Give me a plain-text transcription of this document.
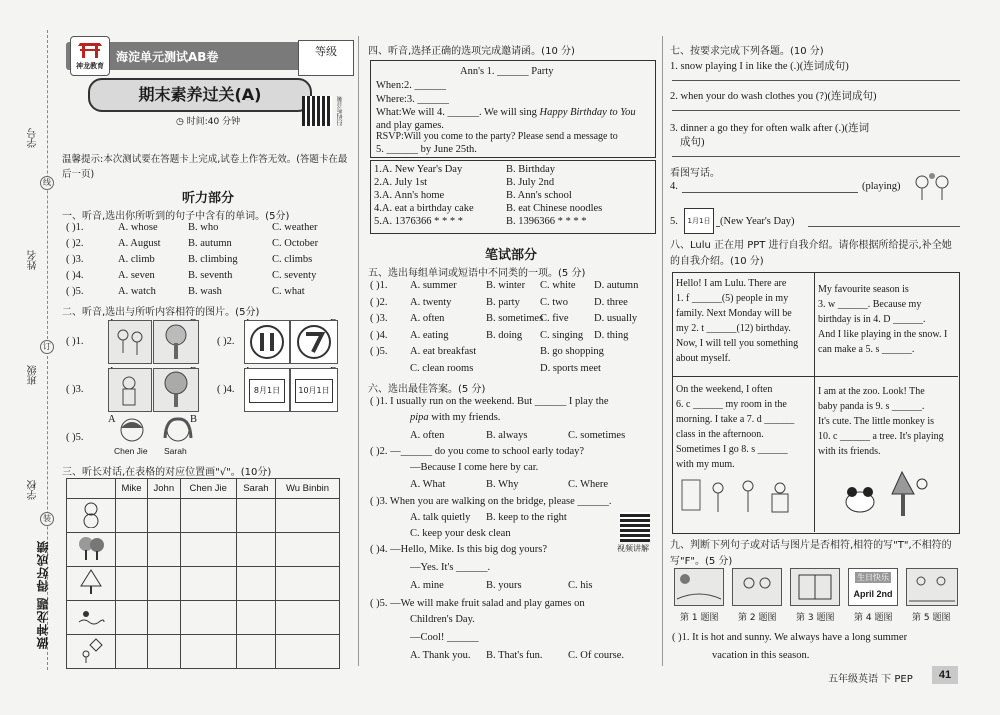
学号
姓名
班级
学校
线
订
装
做神龙题 得好成绩
神龙教育
海淀单元测试AB卷	等级
期末素养过关(A)
◷ 时间:40 分钟	扫码听音频
温馨提示:本次测试要在答题卡上完成,试卷上作答无效。(答题卡在最后一页)
听力部分
一、听音,选出你所听到的句子中含有的单词。(5分)
( )1.	A. whose	B. who	C. weather
( )2.	A. August	B. autumn	C. October
( )3.	A. climb	B. climbing	C. climbs
( )4.	A. seven	B. seventh	C. seventy
( )5.	A. watch	B. wash	C. what
二、听音,选出与所听内容相符的图片。(5分)
( )1.
( )3.
( )5.
( )2.
( )4.	8月1日	10月1日
A	B
Chen Jie Sarah
三、听长对话,在表格的对应位置画"√"。(10分)
	Mike	John	Chen Jie	Sarah	Wu Binbin

四、听音,选择正确的选项完成邀请函。(10 分)
Ann's 1. ______ Party
When:2. ______
Where:3. ______
What:We will 4. ______. We will sing Happy Birthday to You
and play games.
RSVP:Will you come to the party? Please send a message to
5. ______ by June 25th.
1.A. New Year's Day	B. Birthday
2.A. July 1st	B. July 2nd
3.A. Ann's home	B. Ann's school
4.A. eat a birthday cake	B. eat Chinese noodles
5.A. 1376366 * * * *	B. 1396366 * * * *
笔试部分
五、选出每组单词或短语中不同类的一项。(5 分)
( )1. A. summer	B. winter C. white D. autumn
( )2. A. twenty	B. party C. two D. three
( )3. A. often	B. sometimes
C. five D. usually
( )4. A. eating	B. doing C. singing D. thing
( )5. A. eat breakfast	B. go shopping
C. clean rooms	D. sports meet
六、选出最佳答案。(5 分)
( )1. I usually run on the weekend. But ______ I play the
pipa with my friends.
A. often	B. always	C. sometimes
( )2. —______ do you come to school early today?
—Because I come here by car.
A. What	B. Why	C. Where
( )3. When you are walking on the bridge, please ______.
A. talk quietly B. keep to the right
C. keep your desk clean
视频讲解
( )4. —Hello, Mike. Is this big dog yours?
—Yes. It's ______.
A. mine	B. yours	C. his
( )5. —We will make fruit salad and play games on
Children's Day.
—Cool! ______
A. Thank you. B. That's fun. C. Of course.
七、按要求完成下列各题。(10 分)
1. snow playing I in like the (.)(连词成句)
2. when your do wash clothes you (?)(连词成句)
3. dinner a go they for often walk after (.)(连词
成句)
看图写话。
4.	(playing)
5.	1月1日 (New Year's Day)
八、Lulu 正在用 PPT 进行自我介绍。请你根据所给提示,补全她的自我介绍。(10 分)
Hello! I am Lulu. There are
1. f ______(5) people in my
family. Next Monday will be
my 2. t ______(12) birthday.
Now, I will tell you something
about myself.
My favourite season is
3. w ______. Because my
birthday is in 4. D ______.
And I like playing in the snow. I
can make a 5. s ______.
On the weekend, I often
6. c ______ my room in the
morning. I take a 7. d ______
class in the afternoon.
Sometimes I go 8. s ______
with my mum.
I am at the zoo. Look! The
baby panda is 9. s ______.
It's cute. The little monkey is
10. c ______ a tree. It's playing
with its friends.
九、判断下列句子或对话与图片是否相符,相符的写"T",不相符的写"F"。(5 分)
生日快乐
April 2nd
第 1 题图 第 2 题图 第 3 题图 第 4 题图 第 5 题图
( )1. It is hot and sunny. We always have a long summer
vacation in this season.
五年级英语 下 PEP	41
